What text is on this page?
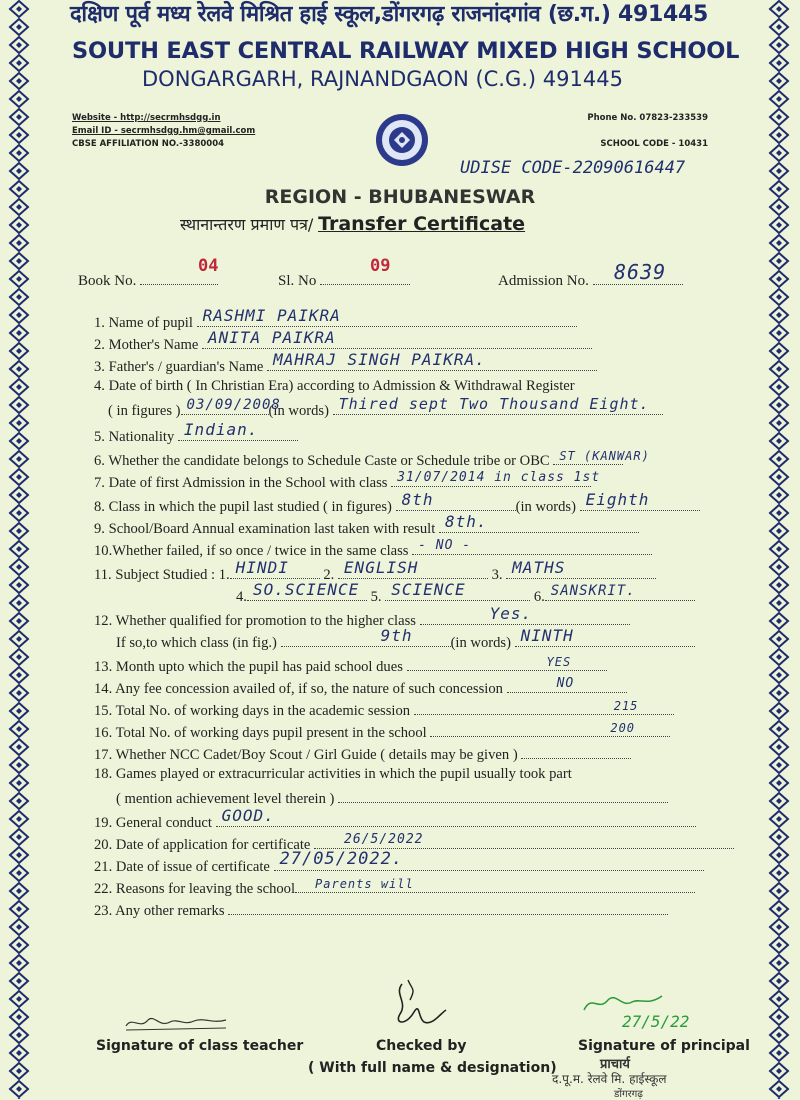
दक्षिण पूर्व मध्य रेलवे मिश्रित हाई स्कूल,डोंगरगढ़ राजनांदगांव (छ.ग.) 491445
SOUTH EAST CENTRAL RAILWAY MIXED HIGH SCHOOL
DONGARGARH, RAJNANDGAON (C.G.) 491445
Website - http://secrmhsdgg.in
Email ID - secrmhsdgg.hm@gmail.com
CBSE AFFILIATION NO.-3380004
Phone No. 07823-233539
SCHOOL CODE - 10431
UDISE CODE-22090616447
REGION - BHUBANESWAR
स्थानान्तरण प्रमाण पत्र/ Transfer Certificate
Book No.
04
Sl. No
09
Admission No.	8639
1. Name of pupil RASHMI PAIKRA
2. Mother's Name ANITA PAIKRA
3. Father's / guardian's Name MAHRAJ SINGH PAIKRA.
4. Date of birth ( In Christian Era) according to Admission & Withdrawal Register
( in figures ) 03/09/2008
(in words) Thired sept Two Thousand Eight.
5. Nationality Indian.
6. Whether the candidate belongs to Schedule Caste or Schedule tribe or OBC ST (KANWAR)
7. Date of first Admission in the School with class 31/07/2014 in class 1st
8. Class in which the pupil last studied ( in figures) 8th	(in words) Eighth
9. School/Board Annual examination last taken with result 8th.
10.Whether failed, if so once / twice in the same class - NO -
11. Subject Studied : 1. HINDI 2. ENGLISH	3. MATHS
4. SO.SCIENCE 5. SCIENCE	6. SANSKRIT.
12. Whether qualified for promotion to the higher class	Yes.
If so,to which class (in fig.)	9th	(in words) NINTH
13. Month upto which the pupil has paid school dues	YES
14. Any fee concession availed of, if so, the nature of such concession	NO
15. Total No. of working days in the academic session	215
16. Total No. of working days pupil present in the school	200
17. Whether NCC Cadet/Boy Scout / Girl Guide ( details may be given )
18. Games played or extracurricular activities in which the pupil usually took part
( mention achievement level therein )
19. General conduct GOOD.
20. Date of application for certificate	26/5/2022
21. Date of issue of certificate 27/05/2022.
22. Reasons for leaving the school Parents will
23. Any other remarks
Signature of class teacher	Checked by
( With full name & designation)
27/5/22
Signature of principal
प्राचार्य
द.पू.म. रेलवे मि. हाईस्कूल
डोंगरगढ़
